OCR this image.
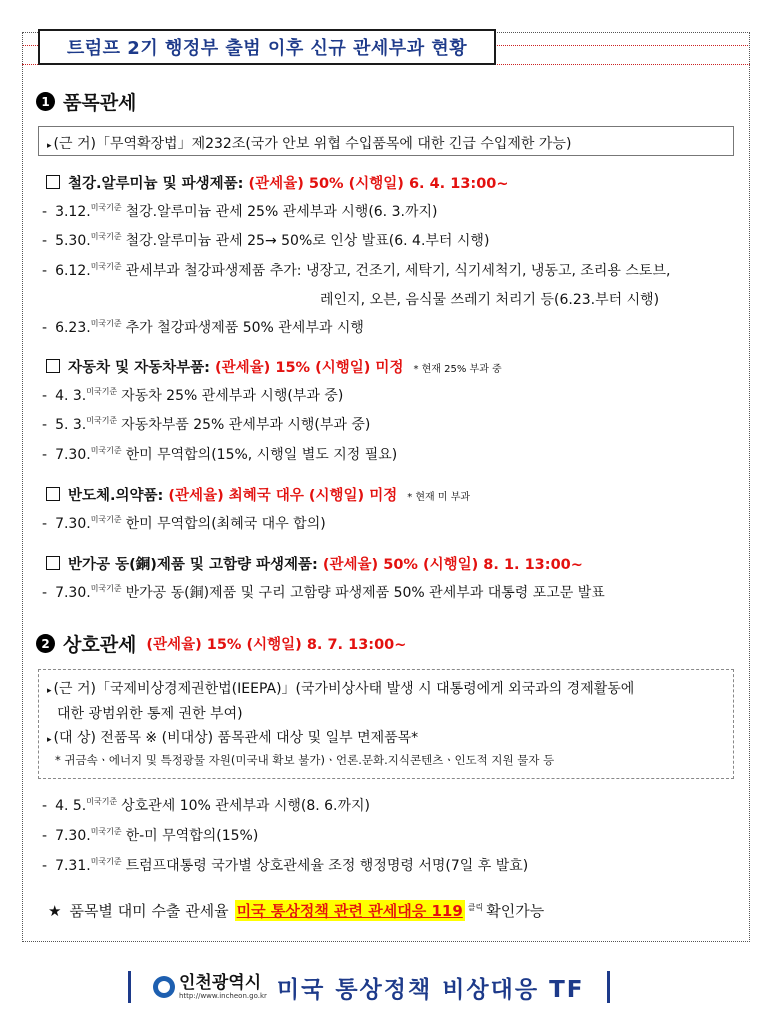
트럼프 2기 행정부 출범 이후 신규 관세부과 현황
1 품목관세
▸ (근 거)「무역확장법」제232조(국가 안보 위협 수입품목에 대한 긴급 수입제한 가능)
철강.알루미늄 및 파생제품:
(관세율) 50% (시행일) 6. 4. 13:00~
- 3.12. 미국기준 철강.알루미늄 관세 25% 관세부과 시행(6. 3.까지)
- 5.30. 미국기준 철강.알루미늄 관세 25→ 50%로 인상 발표(6. 4.부터 시행)
- 6.12. 미국기준 관세부과 철강파생제품 추가: 냉장고, 건조기, 세탁기, 식기세척기, 냉동고, 조리용 스토브,
레인지, 오븐, 음식물 쓰레기 처리기 등(6.23.부터 시행)
- 6.23. 미국기준 추가 철강파생제품 50% 관세부과 시행
자동차 및 자동차부품:
(관세율) 15% (시행일) 미정 * 현재 25% 부과 중
- 4. 3. 미국기준 자동차 25% 관세부과 시행(부과 중)
- 5. 3. 미국기준 자동차부품 25% 관세부과 시행(부과 중)
- 7.30. 미국기준 한미 무역합의(15%, 시행일 별도 지정 필요)
반도체.의약품:
(관세율) 최혜국 대우 (시행일) 미정 * 현재 미 부과
- 7.30. 미국기준 한미 무역합의(최혜국 대우 합의)
반가공 동(銅)제품 및 고함량 파생제품:
(관세율) 50% (시행일) 8. 1. 13:00~
- 7.30. 미국기준 반가공 동(銅)제품 및 구리 고함량 파생제품 50% 관세부과 대통령 포고문 발표
2 상호관세 (관세율) 15% (시행일) 8. 7. 13:00~
▸ (근 거)「국제비상경제권한법(IEEPA)」(국가비상사태 발생 시 대통령에게 외국과의 경제활동에
대한 광범위한 통제 권한 부여)
▸ (대 상) 전품목 ※ (비대상) 품목관세 대상 및 일부 면제품목*
* 귀금속ㆍ에너지 및 특정광물 자원(미국내 확보 불가)ㆍ언론.문화.지식콘텐츠ㆍ인도적 지원 물자 등
- 4. 5. 미국기준 상호관세 10% 관세부과 시행(8. 6.까지)
- 7.30. 미국기준 한-미 무역합의(15%)
- 7.31. 미국기준 트럼프대통령 국가별 상호관세율 조정 행정명령 서명(7일 후 발효)
★ 품목별 대미 수출 관세율 미국 통상정책 관련 관세대응 119 클릭 확인가능
인천광역시
http://www.incheon.go.kr 미국 통상정책 비상대응 TF
